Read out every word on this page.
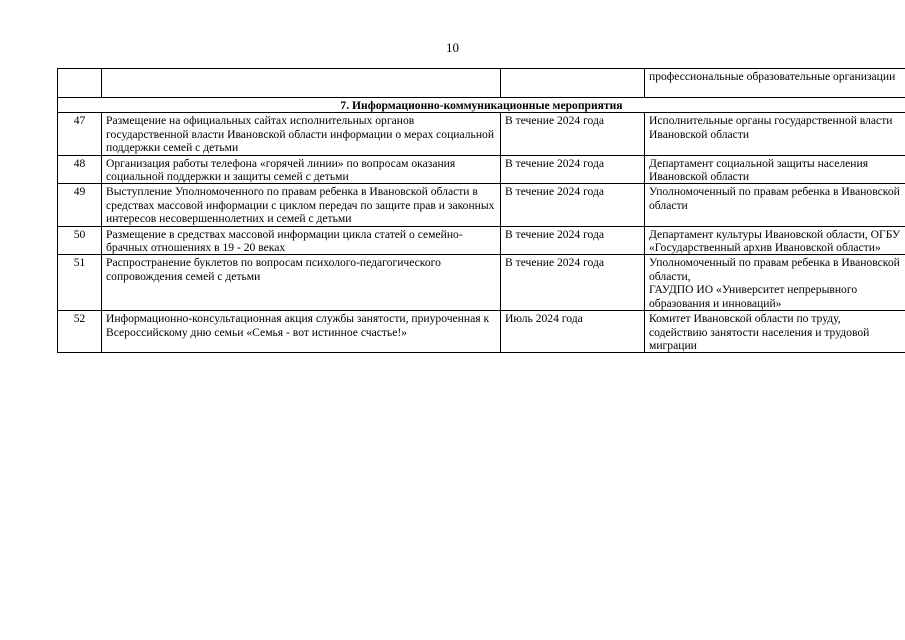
10
			профессиональные образовательные организации
7. Информационно-коммуникационные мероприятия			
47	Размещение на официальных сайтах исполнительных органов государственной власти Ивановской области информации о мерах социальной поддержки семей с детьми	В течение 2024 года	Исполнительные органы государственной власти Ивановской области
48	Организация работы телефона «горячей линии» по вопросам оказания социальной поддержки и защиты семей с детьми	В течение 2024 года	Департамент социальной защиты населения Ивановской области
49	Выступление Уполномоченного по правам ребенка в Ивановской области в средствах массовой информации с циклом передач по защите прав и законных интересов несовершеннолетних и семей с детьми	В течение 2024 года	Уполномоченный по правам ребенка в Ивановской области
50	Размещение в средствах массовой информации цикла статей о семейно-брачных отношениях в 19 - 20 веках	В течение 2024 года	Департамент культуры Ивановской области, ОГБУ «Государственный архив Ивановской области»
51	Распространение буклетов по вопросам психолого-педагогического сопровождения семей с детьми	В течение 2024 года	Уполномоченный по правам ребенка в Ивановской области,
ГАУДПО ИО «Университет непрерывного образования и инноваций»

52	Информационно-консультационная акция службы занятости, приуроченная к Всероссийскому дню семьи «Семья - вот истинное счастье!»	Июль 2024 года	Комитет Ивановской области по труду, содействию занятости населения и трудовой миграции
